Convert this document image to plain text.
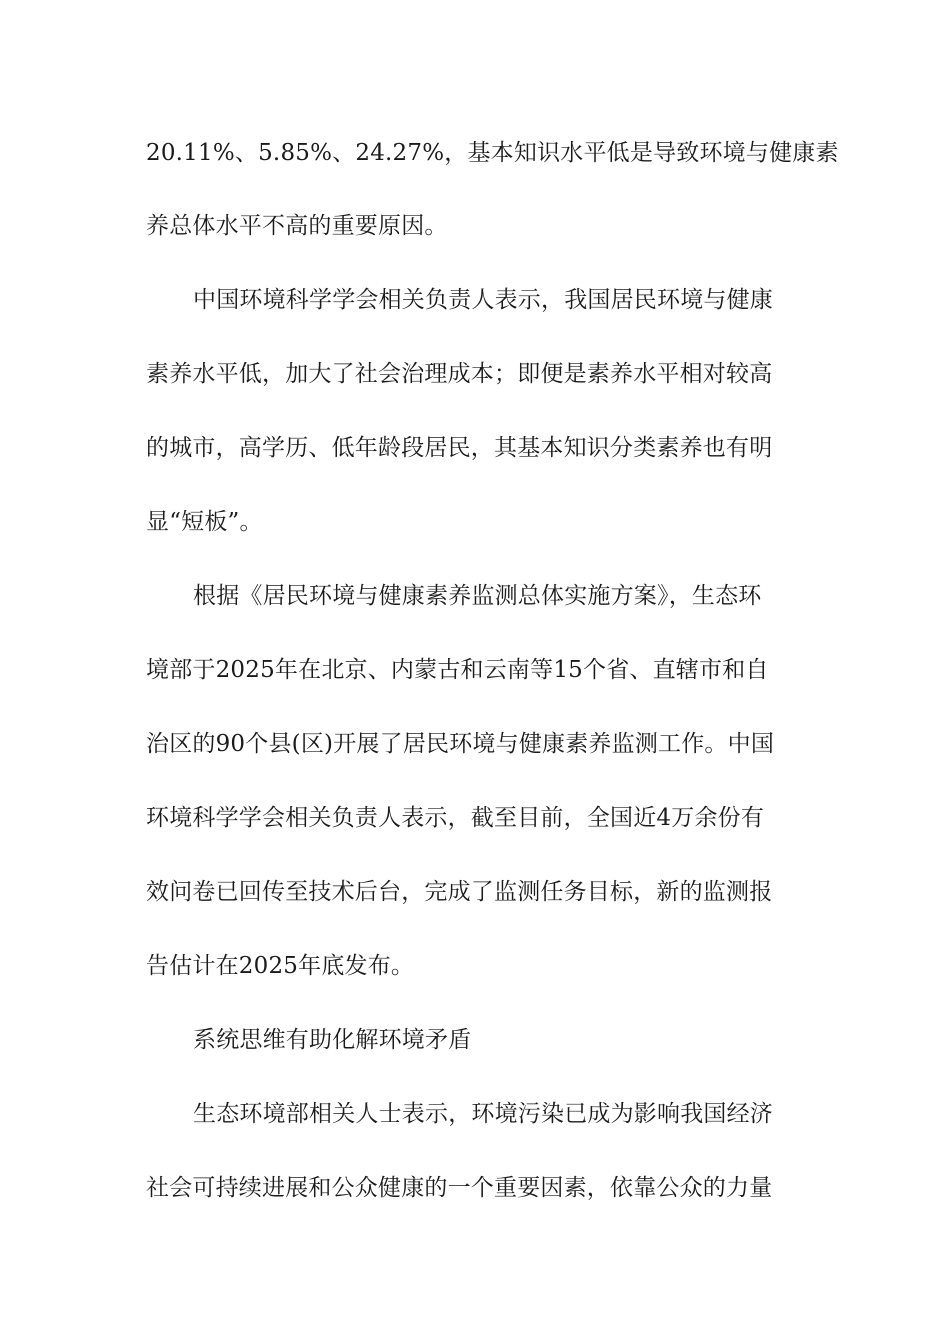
20.11%、5.85%、24.27%，基本知识水平低是导致环境与健康素
养总体水平不高的重要原因。
中国环境科学学会相关负责人表示，我国居民环境与健康
素养水平低，加大了社会治理成本；即便是素养水平相对较高
的城市，高学历、低年龄段居民，其基本知识分类素养也有明
显“短板”。
根据《居民环境与健康素养监测总体实施方案》，生态环
境部于2025年在北京、内蒙古和云南等15个省、直辖市和自
治区的90个县(区)开展了居民环境与健康素养监测工作。中国
环境科学学会相关负责人表示，截至目前，全国近4万余份有
效问卷已回传至技术后台，完成了监测任务目标，新的监测报
告估计在2025年底发布。
系统思维有助化解环境矛盾
生态环境部相关人士表示，环境污染已成为影响我国经济
社会可持续进展和公众健康的一个重要因素，依靠公众的力量
